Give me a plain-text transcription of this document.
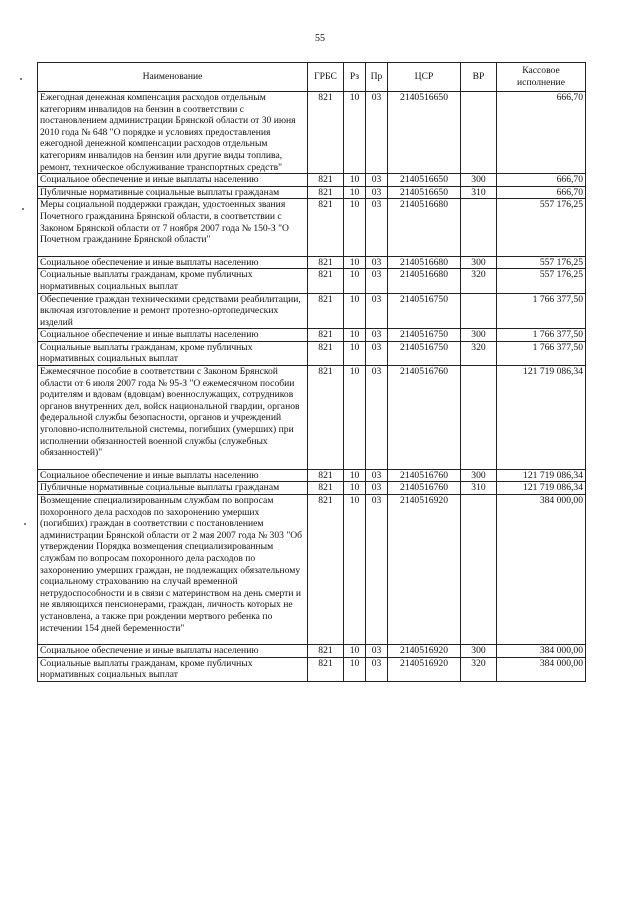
55
Наименование	ГРБС	Рз	Пр	ЦСР	ВР	Кассовое исполнение
Ежегодная денежная компенсация расходов отдельным категориям инвалидов на бензин в соответствии с постановлением администрации Брянской области от 30 июня 2010 года № 648 "О порядке и условиях предоставления ежегодной денежной компенсации расходов отдельным категориям инвалидов на бензин или другие виды топлива, ремонт, техническое обслуживание транспортных средств"	821	10	03	2140516650		666,70
Социальное обеспечение и иные выплаты населению	821	10	03	2140516650	300	666,70
Публичные нормативные социальные выплаты гражданам	821	10	03	2140516650	310	666,70
Меры социальной поддержки граждан, удостоенных звания Почетного гражданина Брянской области, в соответствии с Законом Брянской области от 7 ноября 2007 года № 150-З "О Почетном гражданине Брянской области"	821	10	03	2140516680		557 176,25
Социальное обеспечение и иные выплаты населению	821	10	03	2140516680	300	557 176,25
Социальные выплаты гражданам, кроме публичных нормативных социальных выплат	821	10	03	2140516680	320	557 176,25
Обеспечение граждан техническими средствами реабилитации, включая изготовление и ремонт протезно-ортопедических изделий	821	10	03	2140516750		1 766 377,50
Социальное обеспечение и иные выплаты населению	821	10	03	2140516750	300	1 766 377,50
Социальные выплаты гражданам, кроме публичных нормативных социальных выплат	821	10	03	2140516750	320	1 766 377,50
Ежемесячное пособие в соответствии с Законом Брянской области от 6 июля 2007 года № 95-З "О ежемесячном пособии родителям и вдовам (вдовцам) военнослужащих, сотрудников органов внутренних дел, войск национальной гвардии, органов федеральной службы безопасности, органов и учреждений уголовно-исполнительной системы, погибших (умерших) при исполнении обязанностей военной службы (служебных обязанностей)"	821	10	03	2140516760		121 719 086,34
Социальное обеспечение и иные выплаты населению	821	10	03	2140516760	300	121 719 086,34
Публичные нормативные социальные выплаты гражданам	821	10	03	2140516760	310	121 719 086,34
Возмещение специализированным службам по вопросам похоронного дела расходов по захоронению умерших (погибших) граждан в соответствии с постановлением администрации Брянской области от 2 мая 2007 года № 303 "Об утверждении Порядка возмещения специализированным службам по вопросам похоронного дела расходов по захоронению умерших граждан, не подлежащих обязательному социальному страхованию на случай временной нетрудоспособности и в связи с материнством на день смерти и не являющихся пенсионерами, граждан, личность которых не установлена, а также при рождении мертвого ребенка по истечении 154 дней беременности"	821	10	03	2140516920		384 000,00
Социальное обеспечение и иные выплаты населению	821	10	03	2140516920	300	384 000,00
Социальные выплаты гражданам, кроме публичных нормативных социальных выплат	821	10	03	2140516920	320	384 000,00
